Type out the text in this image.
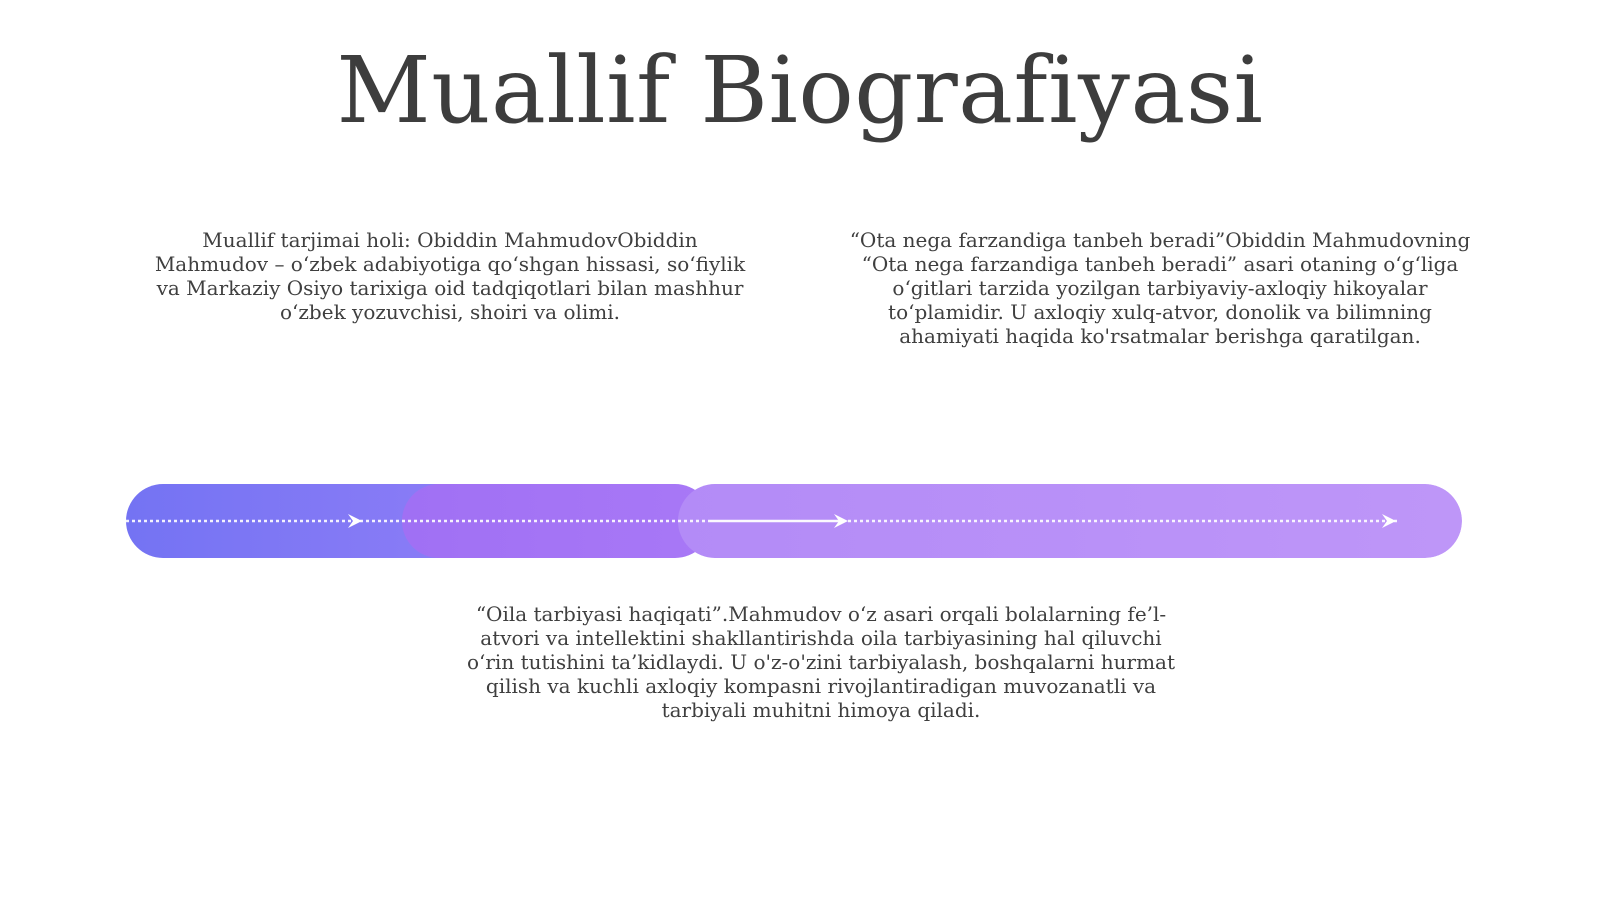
Muallif Biografiyasi
Muallif tarjimai holi: Obiddin MahmudovObiddin Mahmudov – o‘zbek adabiyotiga qo‘shgan hissasi, so‘fiylik va Markaziy Osiyo tarixiga oid tadqiqotlari bilan mashhur o‘zbek yozuvchisi, shoiri va olimi.
“Ota nega farzandiga tanbeh beradi”Obiddin Mahmudovning “Ota nega farzandiga tanbeh beradi” asari otaning o‘g‘liga o‘gitlari tarzida yozilgan tarbiyaviy-axloqiy hikoyalar to‘plamidir. U axloqiy xulq-atvor, donolik va bilimning ahamiyati haqida ko'rsatmalar berishga qaratilgan.
“Oila tarbiyasi haqiqati”.Mahmudov o‘z asari orqali bolalarning fe’l-atvori va intellektini shakllantirishda oila tarbiyasining hal qiluvchi o‘rin tutishini ta’kidlaydi. U o'z-o'zini tarbiyalash, boshqalarni hurmat qilish va kuchli axloqiy kompasni rivojlantiradigan muvozanatli va tarbiyali muhitni himoya qiladi.
